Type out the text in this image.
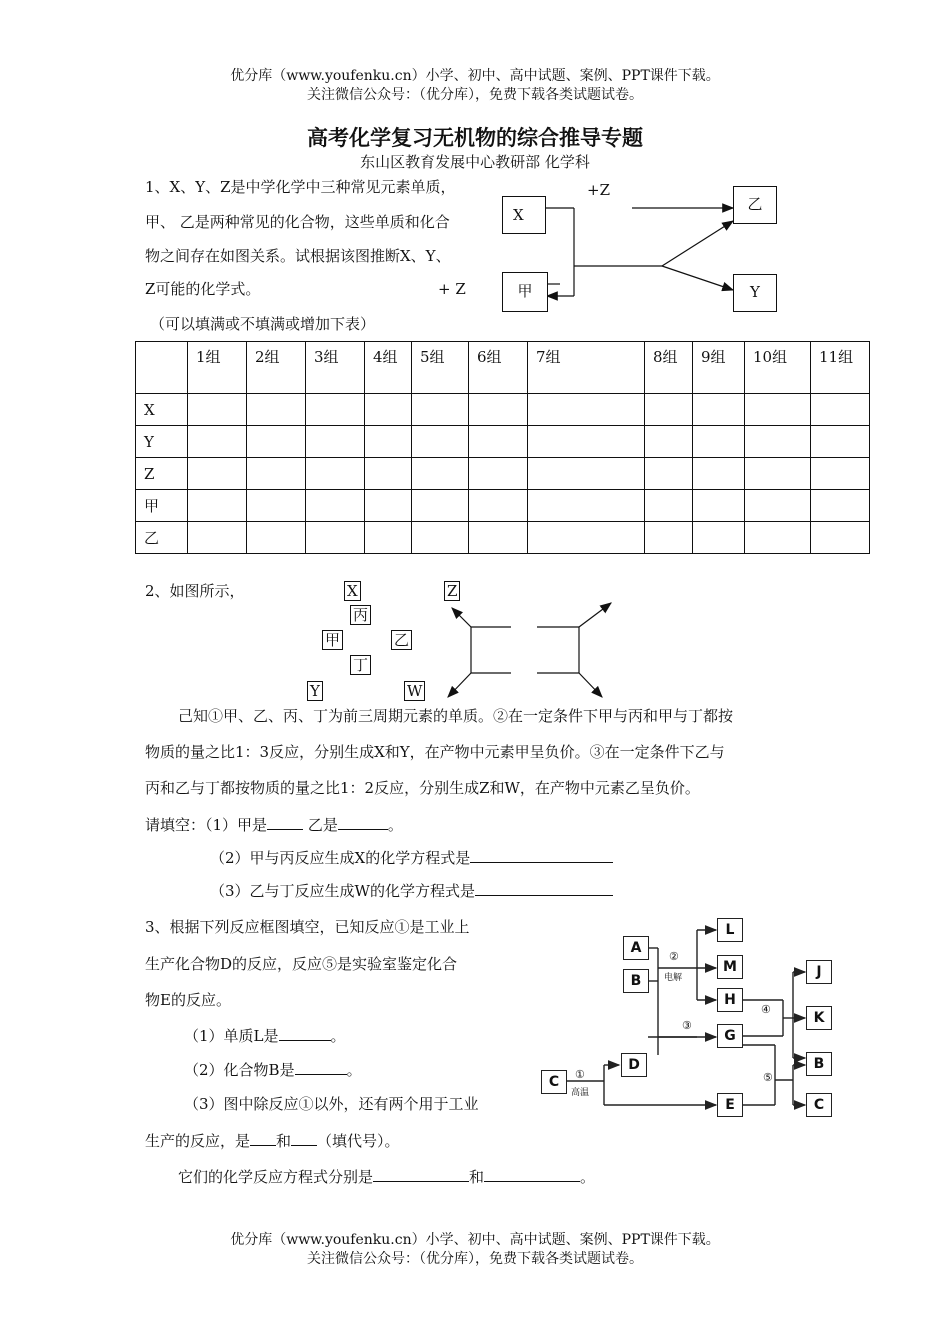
优分库（www.youfenku.cn）小学、初中、高中试题、案例、PPT课件下载。
关注微信公众号：（优分库），免费下载各类试题试卷。
高考化学复习无机物的综合推导专题
东山区教育发展中心教研部 化学科
1、X、Y、Z是中学化学中三种常见元素单质，
甲、 乙是两种常见的化合物，这些单质和化合
物之间存在如图关系。试根据该图推断X、Y、
Z可能的化学式。	+ Z
+Z
（可以填满或不填满或增加下表）
X
乙
甲	Y
	1组	2组	3组	4组	5组	6组	7组	8组	9组	10组	11组
X											
Y											
Z											
甲											
乙											
2、如图所示，	X	Z
丙
甲	乙
丁
Y	W
己知①甲、乙、丙、丁为前三周期元素的单质。②在一定条件下甲与丙和甲与丁都按
物质的量之比1：3反应，分别生成X和Y，在产物中元素甲呈负价。③在一定条件下乙与
丙和乙与丁都按物质的量之比1：2反应，分别生成Z和W，在产物中元素乙呈负价。
请填空：（1）甲是	乙是	。
（2）甲与丙反应生成X的化学方程式是
（3）乙与丁反应生成W的化学方程式是
3、根据下列反应框图填空，已知反应①是工业上
生产化合物D的反应，反应⑤是实验室鉴定化合
物E的反应。
（1）单质L是	。
（2）化合物B是	。
（3）图中除反应①以外，还有两个用于工业
生产的反应，是 和 （填代号）。
它们的化学反应方程式分别是	和	。
A
B
L
M
H
G
D
C
E
J
K
B
C
②
电解
③
④
⑤
①
高温
优分库（www.youfenku.cn）小学、初中、高中试题、案例、PPT课件下载。
关注微信公众号：（优分库），免费下载各类试题试卷。
